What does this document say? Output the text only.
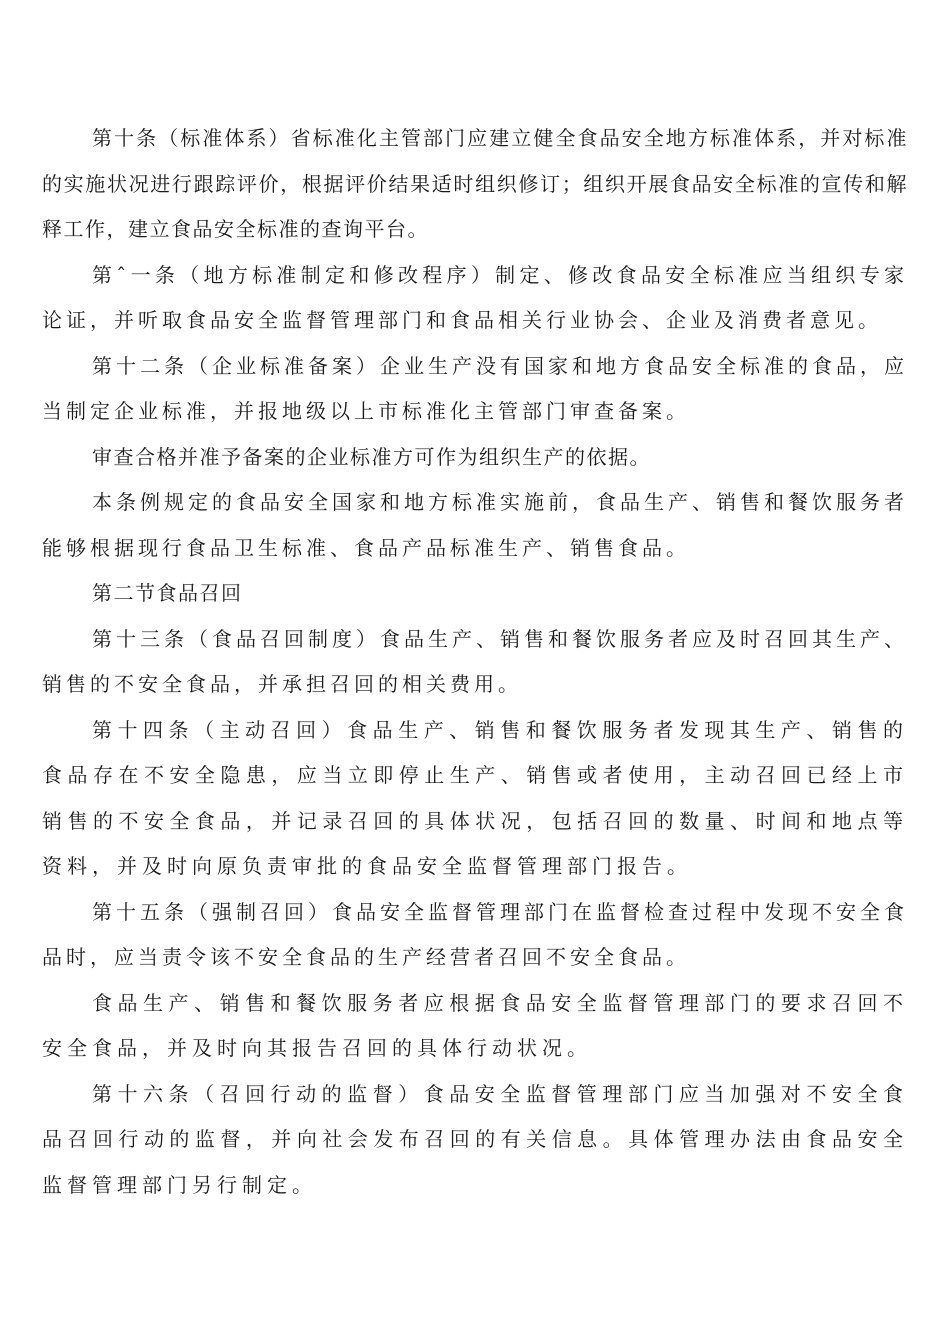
第十条（标准体系）省标准化主管部门应建立健全食品安全地方标准体系，并对标准的实施状况进行跟踪评价，根据评价结果适时组织修订；组织开展食品安全标准的宣传和解释工作，建立食品安全标准的查询平台。

第ˆ一条（地方标准制定和修改程序）制定、修改食品安全标准应当组织专家论证，并听取食品安全监督管理部门和食品相关行业协会、企业及消费者意见。

第十二条（企业标准备案）企业生产没有国家和地方食品安全标准的食品，应当制定企业标准，并报地级以上市标准化主管部门审查备案。

审查合格并准予备案的企业标准方可作为组织生产的依据。

本条例规定的食品安全国家和地方标准实施前，食品生产、销售和餐饮服务者能够根据现行食品卫生标准、食品产品标准生产、销售食品。

第二节食品召回

第十三条（食品召回制度）食品生产、销售和餐饮服务者应及时召回其生产、销售的不安全食品，并承担召回的相关费用。

第十四条（主动召回）食品生产、销售和餐饮服务者发现其生产、销售的食品存在不安全隐患，应当立即停止生产、销售或者使用，主动召回已经上市销售的不安全食品，并记录召回的具体状况，包括召回的数量、时间和地点等资料，并及时向原负责审批的食品安全监督管理部门报告。

第十五条（强制召回）食品安全监督管理部门在监督检查过程中发现不安全食品时，应当责令该不安全食品的生产经营者召回不安全食品。

食品生产、销售和餐饮服务者应根据食品安全监督管理部门的要求召回不安全食品，并及时向其报告召回的具体行动状况。

第十六条（召回行动的监督）食品安全监督管理部门应当加强对不安全食品召回行动的监督，并向社会发布召回的有关信息。具体管理办法由食品安全监督管理部门另行制定。
